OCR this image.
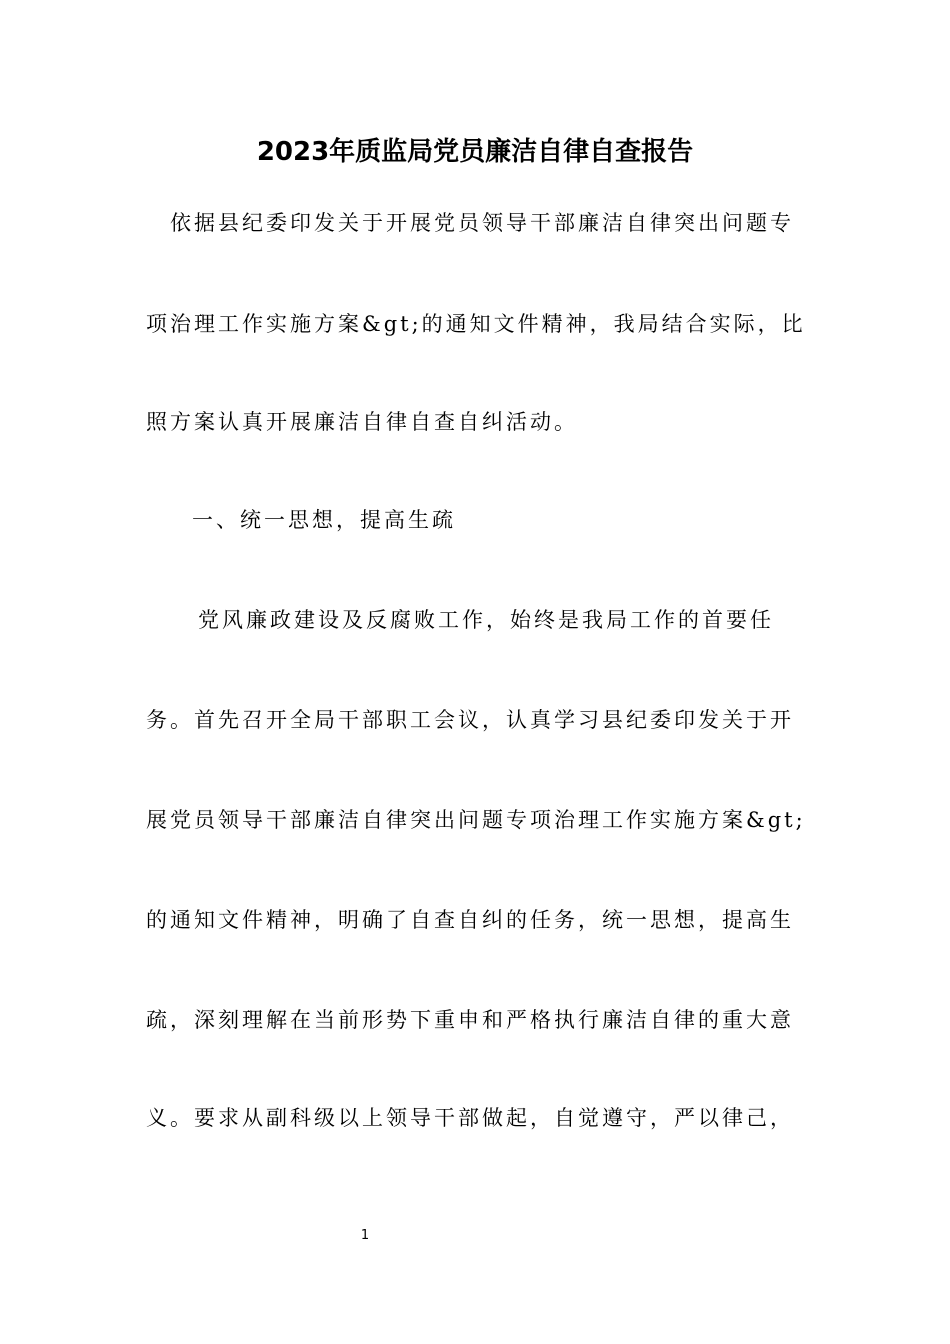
2023年质监局党员廉洁自律自查报告

依据县纪委印发关于开展党员领导干部廉洁自律突出问题专

项治理工作实施方案&gt;的通知文件精神，我局结合实际，比

照方案认真开展廉洁自律自查自纠活动。

一、统一思想，提高生疏

党风廉政建设及反腐败工作，始终是我局工作的首要任

务。首先召开全局干部职工会议，认真学习县纪委印发关于开

展党员领导干部廉洁自律突出问题专项治理工作实施方案&gt;

的通知文件精神，明确了自查自纠的任务，统一思想，提高生

疏，深刻理解在当前形势下重申和严格执行廉洁自律的重大意

义。要求从副科级以上领导干部做起，自觉遵守，严以律己，

1
